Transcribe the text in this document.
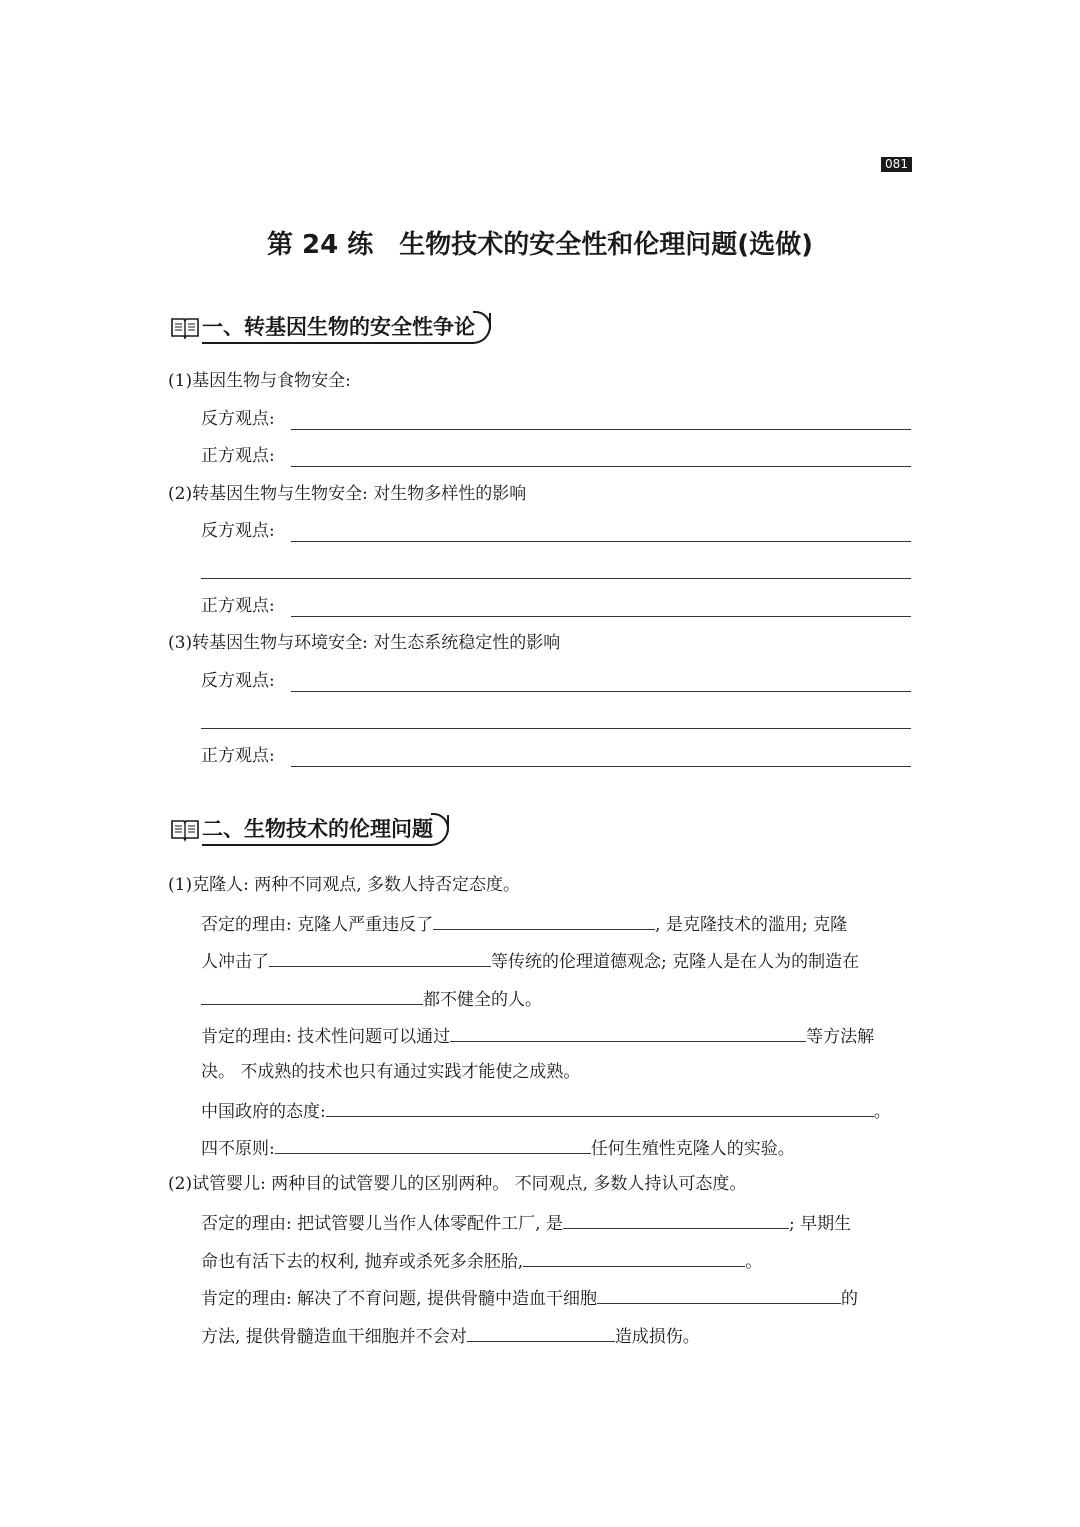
081
第 24 练　生物技术的安全性和伦理问题(选做)
一、转基因生物的安全性争论
(1)基因生物与食物安全:
反方观点:
正方观点:
(2)转基因生物与生物安全: 对生物多样性的影响
反方观点:
正方观点:
(3)转基因生物与环境安全: 对生态系统稳定性的影响
反方观点:
正方观点:
二、生物技术的伦理问题
(1)克隆人: 两种不同观点, 多数人持否定态度。
否定的理由: 克隆人严重违反了	, 是克隆技术的滥用; 克隆
人冲击了	等传统的伦理道德观念; 克隆人是在人为的制造在
都不健全的人。
肯定的理由: 技术性问题可以通过	等方法解
决。 不成熟的技术也只有通过实践才能使之成熟。
中国政府的态度:	。
四不原则:	任何生殖性克隆人的实验。
(2)试管婴儿: 两种目的试管婴儿的区别两种。 不同观点, 多数人持认可态度。
否定的理由: 把试管婴儿当作人体零配件工厂, 是	; 早期生
命也有活下去的权利, 抛弃或杀死多余胚胎,	。
肯定的理由: 解决了不育问题, 提供骨髓中造血干细胞	的
方法, 提供骨髓造血干细胞并不会对	造成损伤。
